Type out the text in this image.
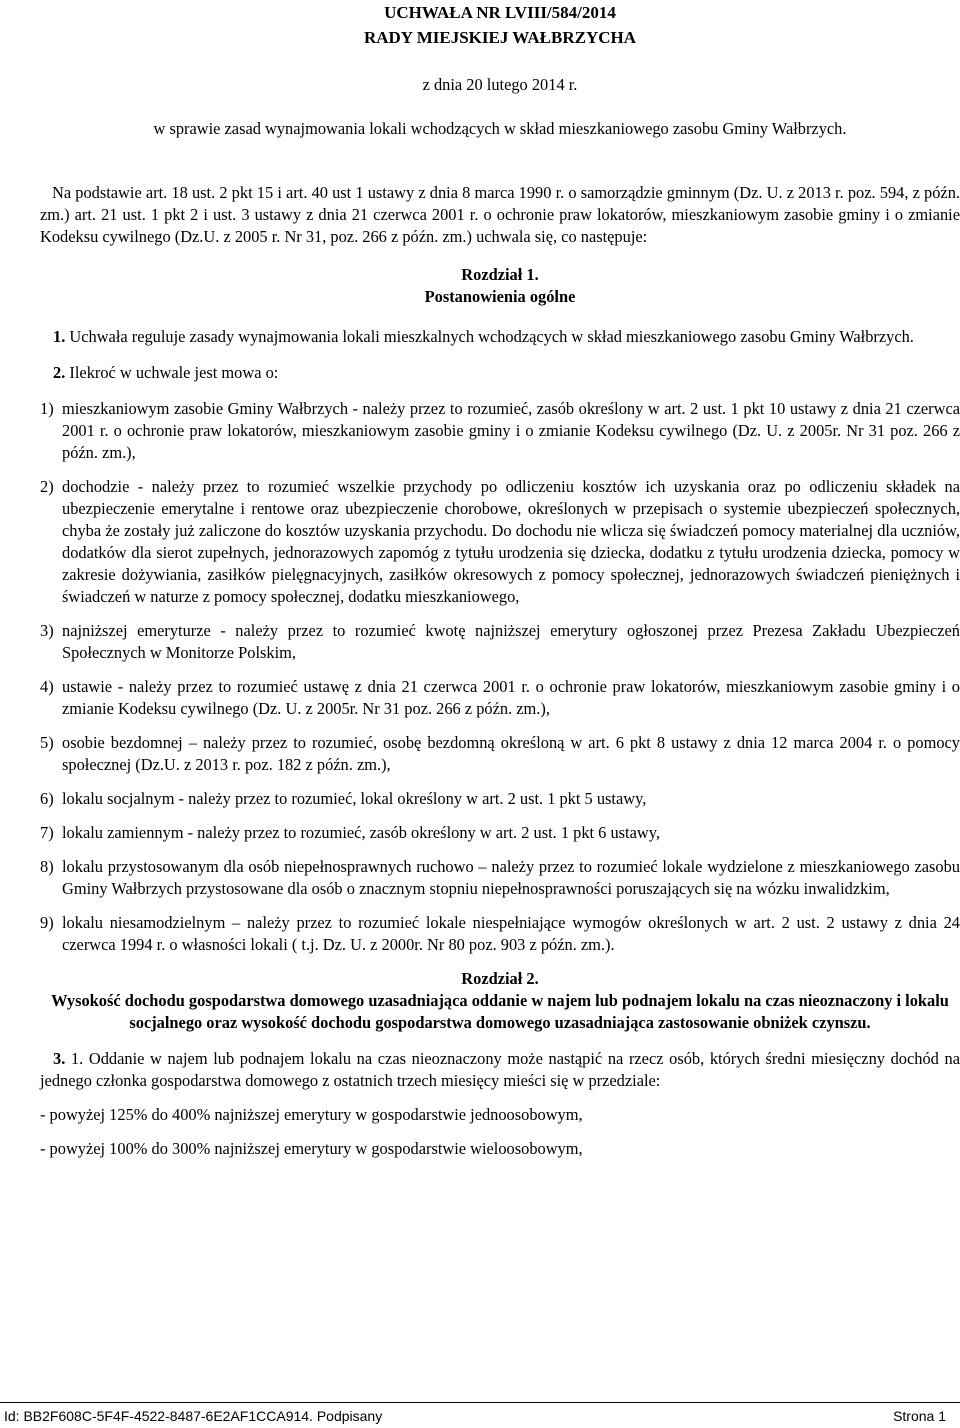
UCHWAŁA NR LVIII/584/2014
RADY MIEJSKIEJ WAŁBRZYCHA
z dnia 20 lutego 2014 r.
w sprawie zasad wynajmowania lokali wchodzących w skład mieszkaniowego zasobu Gminy Wałbrzych.

Na podstawie art. 18 ust. 2 pkt 15 i art. 40 ust 1 ustawy z dnia 8 marca 1990 r. o samorządzie gminnym (Dz. U. z 2013 r. poz. 594, z późn. zm.) art. 21 ust. 1 pkt 2 i ust. 3 ustawy z dnia 21 czerwca 2001 r. o ochronie praw lokatorów, mieszkaniowym zasobie gminy i o zmianie Kodeksu cywilnego (Dz.U. z 2005 r. Nr 31, poz. 266 z późn. zm.) uchwala się, co następuje:

Rozdział 1.
Postanowienia ogólne

1. Uchwała reguluje zasady wynajmowania lokali mieszkalnych wchodzących w skład mieszkaniowego zasobu Gminy Wałbrzych.

2. Ilekroć w uchwale jest mowa o:

1) mieszkaniowym zasobie Gminy Wałbrzych - należy przez to rozumieć, zasób określony w art. 2 ust. 1 pkt 10 ustawy z dnia 21 czerwca 2001 r. o ochronie praw lokatorów, mieszkaniowym zasobie gminy i o zmianie Kodeksu cywilnego (Dz. U. z 2005r. Nr 31 poz. 266 z późn. zm.),
2) dochodzie - należy przez to rozumieć wszelkie przychody po odliczeniu kosztów ich uzyskania oraz po odliczeniu składek na ubezpieczenie emerytalne i rentowe oraz ubezpieczenie chorobowe, określonych w przepisach o systemie ubezpieczeń społecznych, chyba że zostały już zaliczone do kosztów uzyskania przychodu. Do dochodu nie wlicza się świadczeń pomocy materialnej dla uczniów, dodatków dla sierot zupełnych, jednorazowych zapomóg z tytułu urodzenia się dziecka, dodatku z tytułu urodzenia dziecka, pomocy w zakresie dożywiania, zasiłków pielęgnacyjnych, zasiłków okresowych z pomocy społecznej, jednorazowych świadczeń pieniężnych i świadczeń w naturze z pomocy społecznej, dodatku mieszkaniowego,
3) najniższej emeryturze - należy przez to rozumieć kwotę najniższej emerytury ogłoszonej przez Prezesa Zakładu Ubezpieczeń Społecznych w Monitorze Polskim,
4) ustawie - należy przez to rozumieć ustawę z dnia 21 czerwca 2001 r. o ochronie praw lokatorów, mieszkaniowym zasobie gminy i o zmianie Kodeksu cywilnego (Dz. U. z 2005r. Nr 31 poz. 266 z późn. zm.),
5) osobie bezdomnej – należy przez to rozumieć, osobę bezdomną określoną w art. 6 pkt 8 ustawy z dnia 12 marca 2004 r. o pomocy społecznej (Dz.U. z 2013 r. poz. 182 z późn. zm.),
6) lokalu socjalnym - należy przez to rozumieć, lokal określony w art. 2 ust. 1 pkt 5 ustawy,
7) lokalu zamiennym - należy przez to rozumieć, zasób określony w art. 2 ust. 1 pkt 6 ustawy,
8) lokalu przystosowanym dla osób niepełnosprawnych ruchowo – należy przez to rozumieć lokale wydzielone z mieszkaniowego zasobu Gminy Wałbrzych przystosowane dla osób o znacznym stopniu niepełnosprawności poruszających się na wózku inwalidzkim,
9) lokalu niesamodzielnym – należy przez to rozumieć lokale niespełniające wymogów określonych w art. 2 ust. 2 ustawy z dnia 24 czerwca 1994 r. o własności lokali ( t.j. Dz. U. z 2000r. Nr 80 poz. 903 z późn. zm.).
Rozdział 2.
Wysokość dochodu gospodarstwa domowego uzasadniająca oddanie w najem lub podnajem lokalu na czas nieoznaczony i lokalu socjalnego oraz wysokość dochodu gospodarstwa domowego uzasadniająca zastosowanie obniżek czynszu.

3. 1. Oddanie w najem lub podnajem lokalu na czas nieoznaczony może nastąpić na rzecz osób, których średni miesięczny dochód na jednego członka gospodarstwa domowego z ostatnich trzech miesięcy mieści się w przedziale:

- powyżej 125% do 400% najniższej emerytury w gospodarstwie jednoosobowym,
- powyżej 100% do 300% najniższej emerytury w gospodarstwie wieloosobowym,
Id: BB2F608C-5F4F-4522-8487-6E2AF1CCA914. Podpisany	Strona 1
